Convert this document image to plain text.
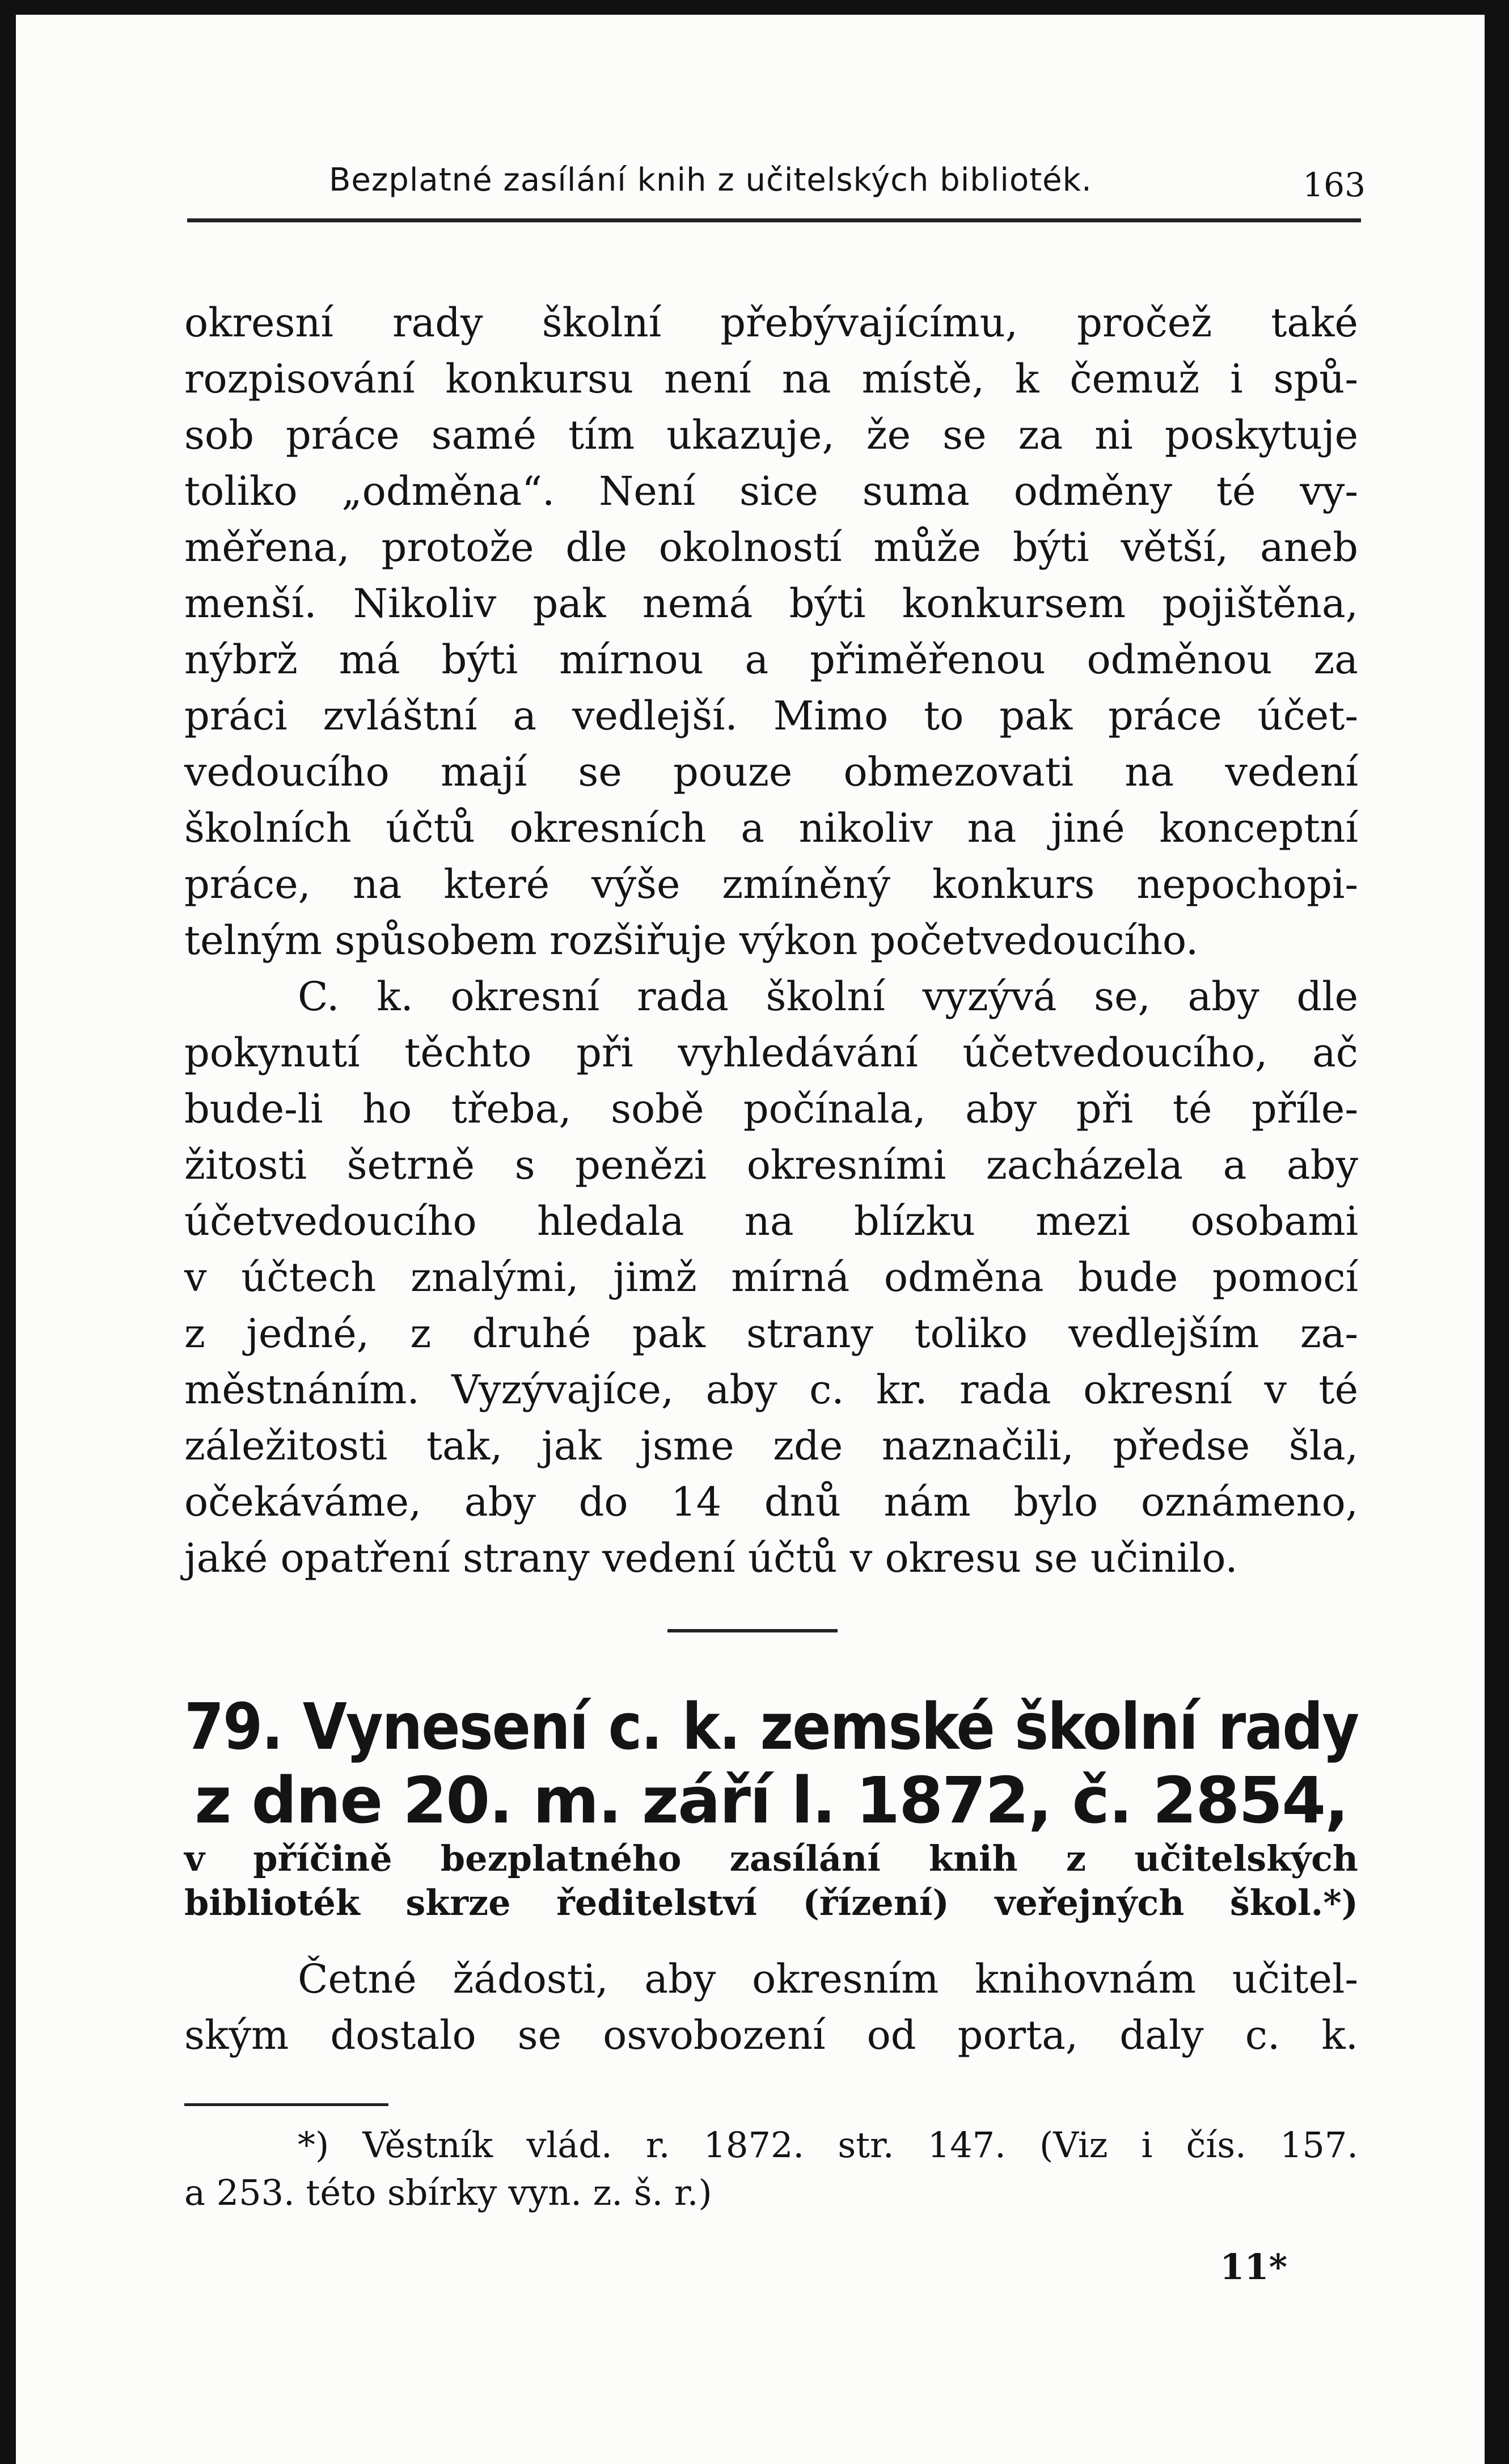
Bezplatné zasílání knih z učitelských biblioték.	163
okresní rady školní přebývajícímu, pročež také
rozpisování konkursu není na místě, k čemuž i spů-
sob práce samé tím ukazuje, že se za ni poskytuje
toliko „odměna“. Není sice suma odměny té vy-
měřena, protože dle okolností může býti větší, aneb
menší. Nikoliv pak nemá býti konkursem pojištěna,
nýbrž má býti mírnou a přiměřenou odměnou za
práci zvláštní a vedlejší. Mimo to pak práce účet-
vedoucího mají se pouze obmezovati na vedení
školních účtů okresních a nikoliv na jiné konceptní
práce, na které výše zmíněný konkurs nepochopi-
telným spůsobem rozšiřuje výkon početvedoucího.
C. k. okresní rada školní vyzývá se, aby dle
pokynutí těchto při vyhledávání účetvedoucího, ač
bude-li ho třeba, sobě počínala, aby při té příle-
žitosti šetrně s penězi okresními zacházela a aby
účetvedoucího hledala na blízku mezi osobami
v účtech znalými, jimž mírná odměna bude pomocí
z jedné, z druhé pak strany toliko vedlejším za-
městnáním. Vyzývajíce, aby c. kr. rada okresní v té
záležitosti tak, jak jsme zde naznačili, předse šla,
očekáváme, aby do 14 dnů nám bylo oznámeno,
jaké opatření strany vedení účtů v okresu se učinilo.
79. Vynesení c. k. zemské školní rady
z dne 20. m. září l. 1872, č. 2854,
v příčině bezplatného zasílání knih z učitelských
biblioték skrze ředitelství (řízení) veřejných škol.*)
Četné žádosti, aby okresním knihovnám učitel-
ským dostalo se osvobození od porta, daly c. k.
*) Věstník vlád. r. 1872. str. 147. (Viz i čís. 157.
a 253. této sbírky vyn. z. š. r.)
11*
